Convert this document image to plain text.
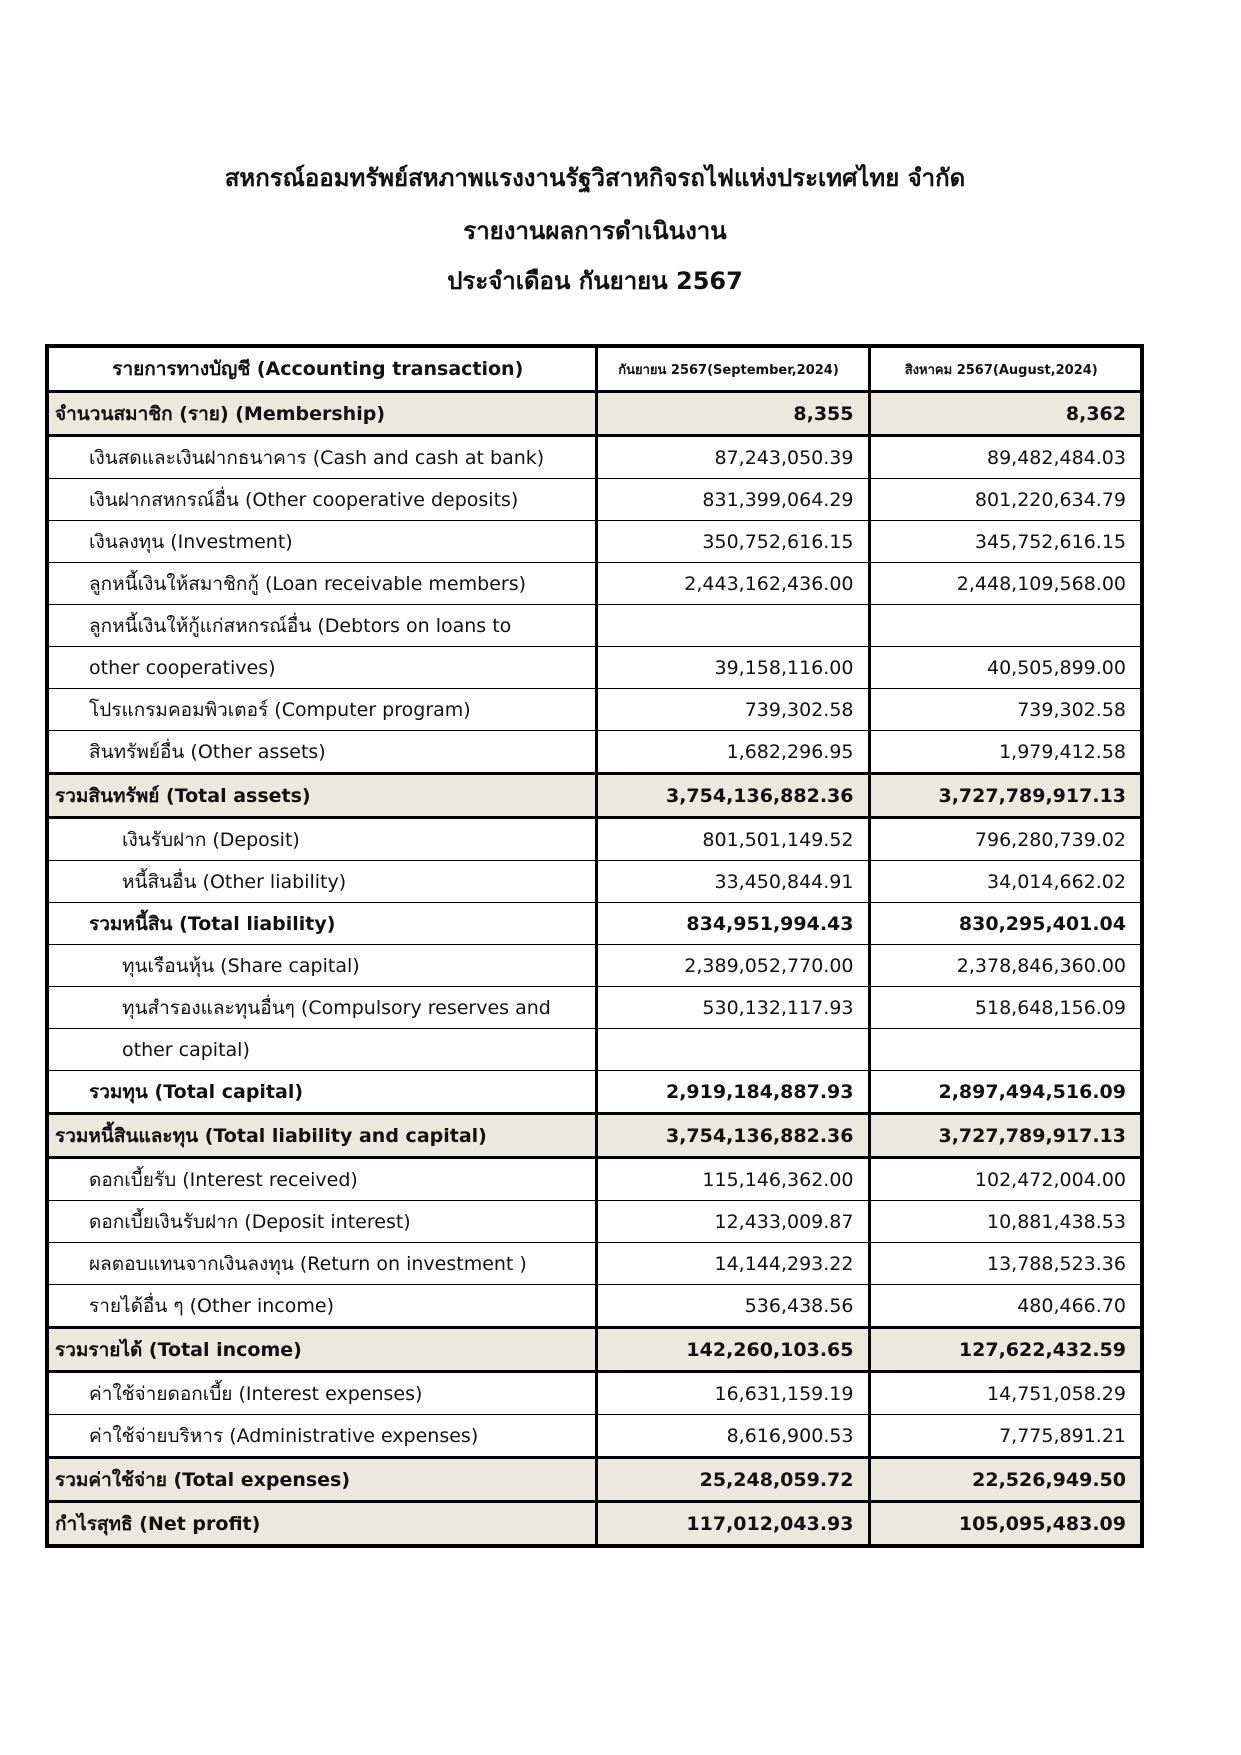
สหกรณ์ออมทรัพย์สหภาพแรงงานรัฐวิสาหกิจรถไฟแห่งประเทศไทย จำกัด
รายงานผลการดำเนินงาน
ประจำเดือน กันยายน 2567
รายการทางบัญชี (Accounting transaction)	กันยายน 2567(September,2024)	สิงหาคม 2567(August,2024)
จำนวนสมาชิก (ราย) (Membership)	8,355	8,362
เงินสดและเงินฝากธนาคาร (Cash and cash at bank)	87,243,050.39	89,482,484.03
เงินฝากสหกรณ์อื่น (Other cooperative deposits)	831,399,064.29	801,220,634.79
เงินลงทุน (Investment)	350,752,616.15	345,752,616.15
ลูกหนี้เงินให้สมาชิกกู้ (Loan receivable members)	2,443,162,436.00	2,448,109,568.00
ลูกหนี้เงินให้กู้แก่สหกรณ์อื่น (Debtors on loans to		
other cooperatives)	39,158,116.00	40,505,899.00
โปรแกรมคอมพิวเตอร์ (Computer program)	739,302.58	739,302.58
สินทรัพย์อื่น (Other assets)	1,682,296.95	1,979,412.58
รวมสินทรัพย์ (Total assets)	3,754,136,882.36	3,727,789,917.13
เงินรับฝาก (Deposit)	801,501,149.52	796,280,739.02
หนี้สินอื่น (Other liability)	33,450,844.91	34,014,662.02
รวมหนี้สิน (Total liability)	834,951,994.43	830,295,401.04
ทุนเรือนหุ้น (Share capital)	2,389,052,770.00	2,378,846,360.00
ทุนสำรองและทุนอื่นๆ (Compulsory reserves and	530,132,117.93	518,648,156.09
other capital)		
รวมทุน (Total capital)	2,919,184,887.93	2,897,494,516.09
รวมหนี้สินและทุน (Total liability and capital)	3,754,136,882.36	3,727,789,917.13
ดอกเบี้ยรับ (Interest received)	115,146,362.00	102,472,004.00
ดอกเบี้ยเงินรับฝาก (Deposit interest)	12,433,009.87	10,881,438.53
ผลตอบแทนจากเงินลงทุน (Return on investment )	14,144,293.22	13,788,523.36
รายได้อื่น ๆ (Other income)	536,438.56	480,466.70
รวมรายได้ (Total income)	142,260,103.65	127,622,432.59
ค่าใช้จ่ายดอกเบี้ย (Interest expenses)	16,631,159.19	14,751,058.29
ค่าใช้จ่ายบริหาร (Administrative expenses)	8,616,900.53	7,775,891.21
รวมค่าใช้จ่าย (Total expenses)	25,248,059.72	22,526,949.50
กำไรสุทธิ (Net profit)	117,012,043.93	105,095,483.09
